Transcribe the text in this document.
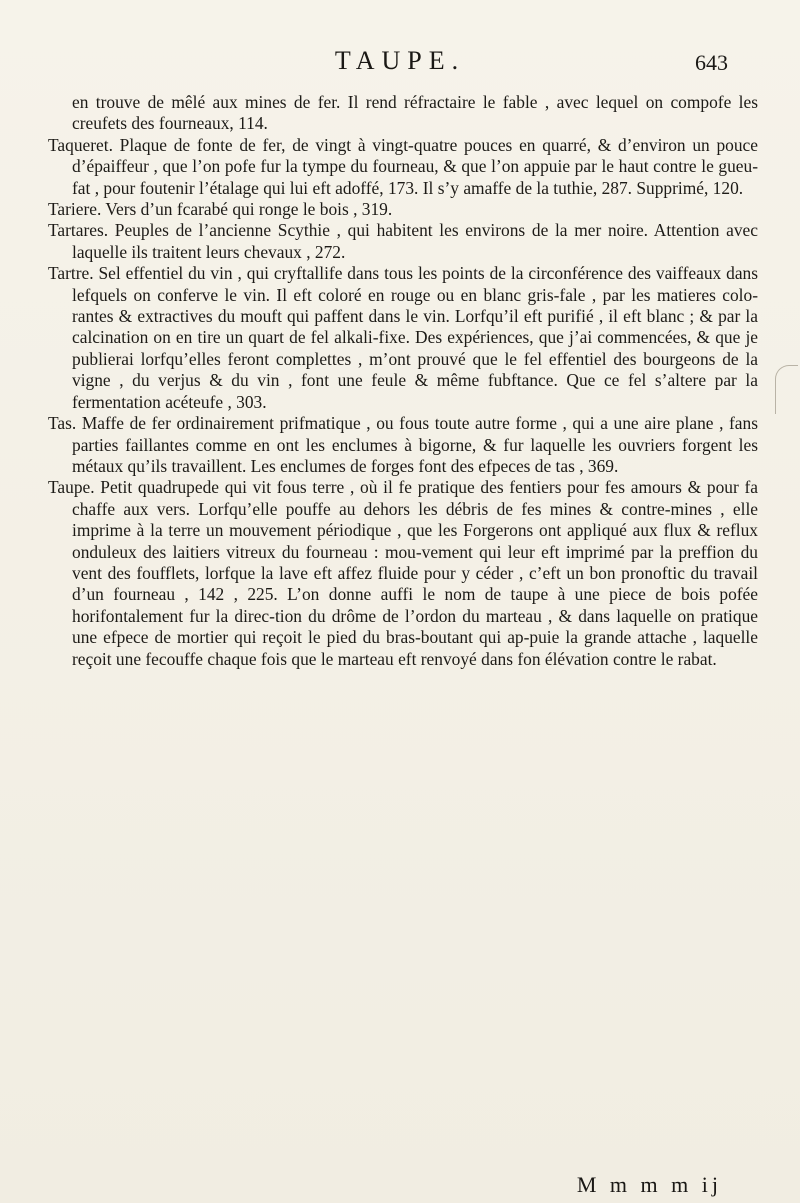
TAUPE.	643

en trouve de mêlé aux mines de fer. Il rend réfractaire le fable , avec lequel on compofe les creufets des fourneaux, 114.

Taqueret. Plaque de fonte de fer, de vingt à vingt-quatre pouces en quarré, & d’environ un pouce d’épaiffeur , que l’on pofe fur la tympe du fourneau, & que l’on appuie par le haut contre le gueu-fat , pour foutenir l’étalage qui lui eft adoffé, 173. Il s’y amaffe de la tuthie, 287. Supprimé, 120.

Tariere. Vers d’un fcarabé qui ronge le bois , 319.

Tartares. Peuples de l’ancienne Scythie , qui habitent les environs de la mer noire. Attention avec laquelle ils traitent leurs chevaux , 272.

Tartre. Sel effentiel du vin , qui cryftallife dans tous les points de la circonférence des vaiffeaux dans lefquels on conferve le vin. Il eft coloré en rouge ou en blanc gris-fale , par les matieres colo-rantes & extractives du mouft qui paffent dans le vin. Lorfqu’il eft purifié , il eft blanc ; & par la calcination on en tire un quart de fel alkali-fixe. Des expériences, que j’ai commencées, & que je publierai lorfqu’elles feront complettes , m’ont prouvé que le fel effentiel des bourgeons de la vigne , du verjus & du vin , font une feule & même fubftance. Que ce fel s’altere par la fermentation acéteufe , 303.

Tas. Maffe de fer ordinairement prifmatique , ou fous toute autre forme , qui a une aire plane , fans parties faillantes comme en ont les enclumes à bigorne, & fur laquelle les ouvriers forgent les métaux qu’ils travaillent. Les enclumes de forges font des efpeces de tas , 369.

Taupe. Petit quadrupede qui vit fous terre , où il fe pratique des fentiers pour fes amours & pour fa chaffe aux vers. Lorfqu’elle pouffe au dehors les débris de fes mines & contre-mines , elle imprime à la terre un mouvement périodique , que les Forgerons ont appliqué aux flux & reflux onduleux des laitiers vitreux du fourneau : mou-vement qui leur eft imprimé par la preffion du vent des foufflets, lorfque la lave eft affez fluide pour y céder , c’eft un bon pronoftic du travail d’un fourneau , 142 , 225. L’on donne auffi le nom de taupe à une piece de bois pofée horifontalement fur la direc-tion du drôme de l’ordon du marteau , & dans laquelle on pratique une efpece de mortier qui reçoit le pied du bras-boutant qui ap-puie la grande attache , laquelle reçoit une fecouffe chaque fois que le marteau eft renvoyé dans fon élévation contre le rabat.

M m m m ij
